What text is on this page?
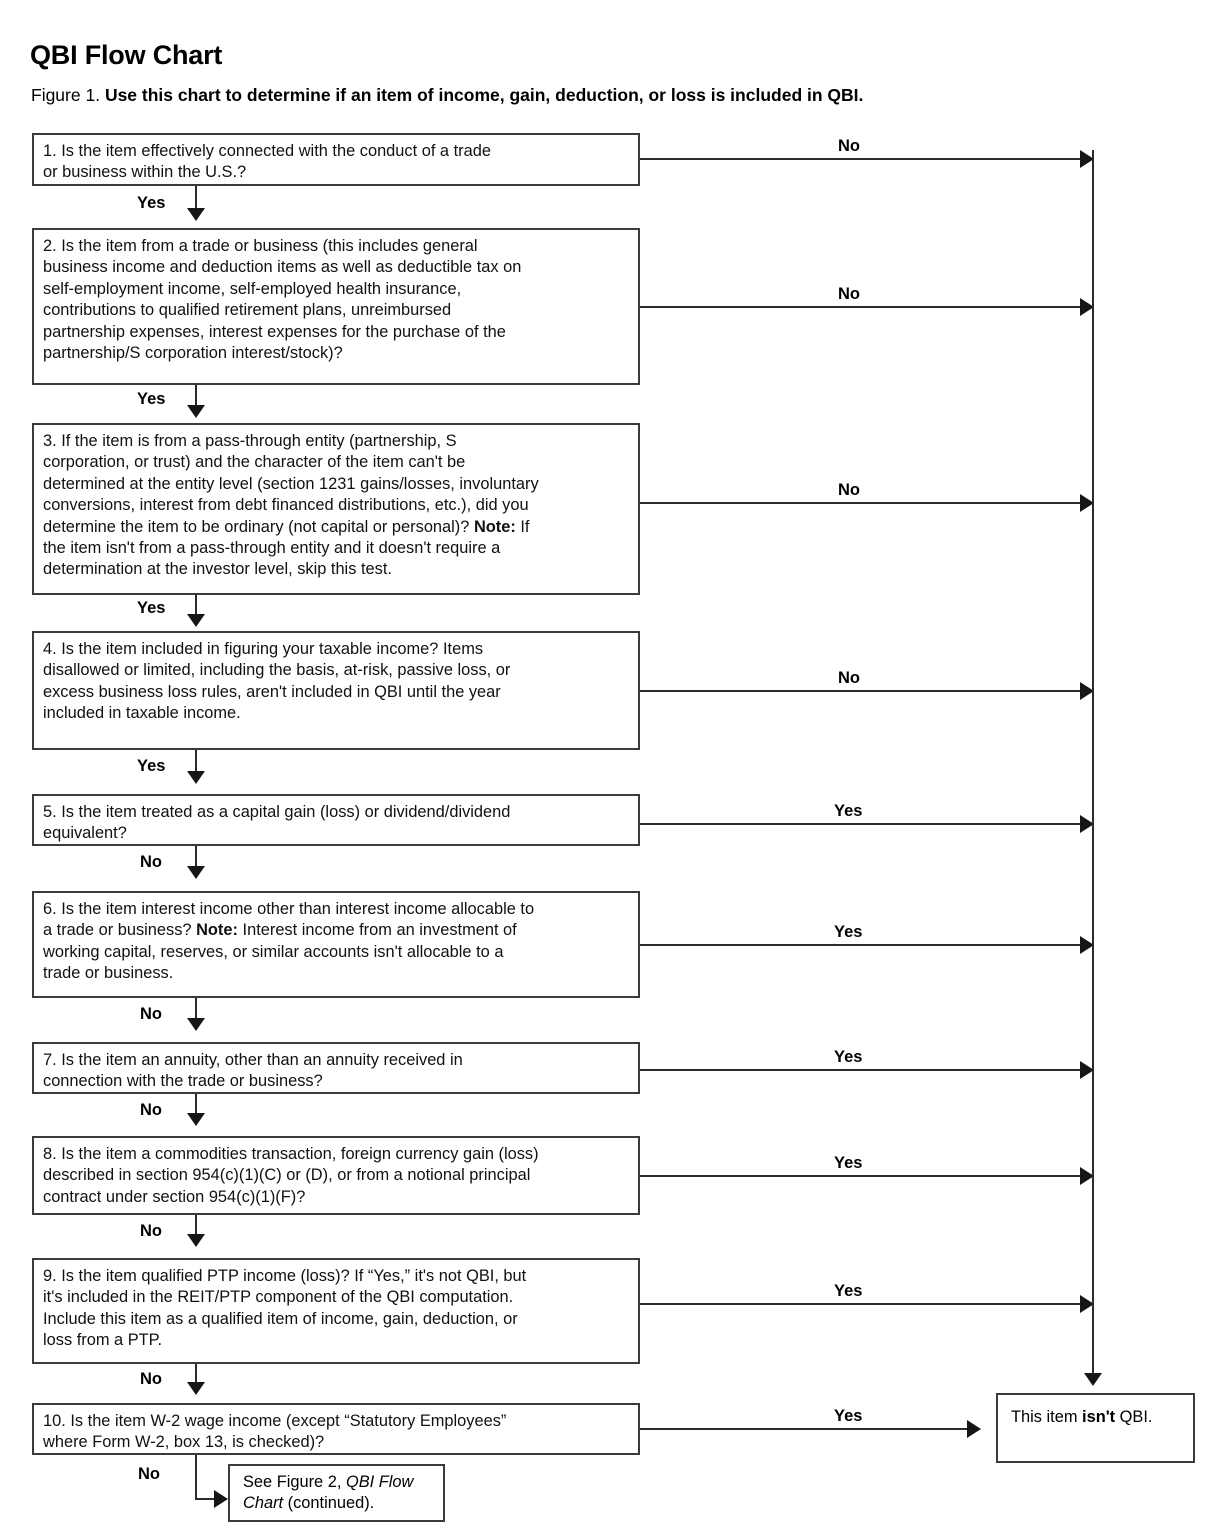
QBI Flow Chart
Figure 1. Use this chart to determine if an item of income, gain, deduction, or loss is included in QBI.
1. Is the item effectively connected with the conduct of a trade
or business within the U.S.?
No
Yes
2. Is the item from a trade or business (this includes general
business income and deduction items as well as deductible tax on
self-employment income, self-employed health insurance,
contributions to qualified retirement plans, unreimbursed
partnership expenses, interest expenses for the purchase of the
partnership/S corporation interest/stock)?
No
Yes
3. If the item is from a pass-through entity (partnership, S
corporation, or trust) and the character of the item can't be
determined at the entity level (section 1231 gains/losses, involuntary
conversions, interest from debt financed distributions, etc.), did you
determine the item to be ordinary (not capital or personal)? Note: If
the item isn't from a pass-through entity and it doesn't require a
determination at the investor level, skip this test.
No
Yes
4. Is the item included in figuring your taxable income? Items
disallowed or limited, including the basis, at-risk, passive loss, or
excess business loss rules, aren't included in QBI until the year
included in taxable income.
No
Yes
5. Is the item treated as a capital gain (loss) or dividend/dividend
equivalent?
Yes
No
6. Is the item interest income other than interest income allocable to
a trade or business? Note: Interest income from an investment of
working capital, reserves, or similar accounts isn't allocable to a
trade or business.
Yes
No
7. Is the item an annuity, other than an annuity received in
connection with the trade or business?
Yes
No
8. Is the item a commodities transaction, foreign currency gain (loss)
described in section 954(c)(1)(C) or (D), or from a notional principal
contract under section 954(c)(1)(F)?
Yes
No
9. Is the item qualified PTP income (loss)? If “Yes,” it's not QBI, but
it's included in the REIT/PTP component of the QBI computation.
Include this item as a qualified item of income, gain, deduction, or
loss from a PTP.
Yes
No
10. Is the item W-2 wage income (except “Statutory Employees”
where Form W-2, box 13, is checked)?
Yes
No
This item isn't QBI.
See Figure 2, QBI Flow
Chart (continued).
